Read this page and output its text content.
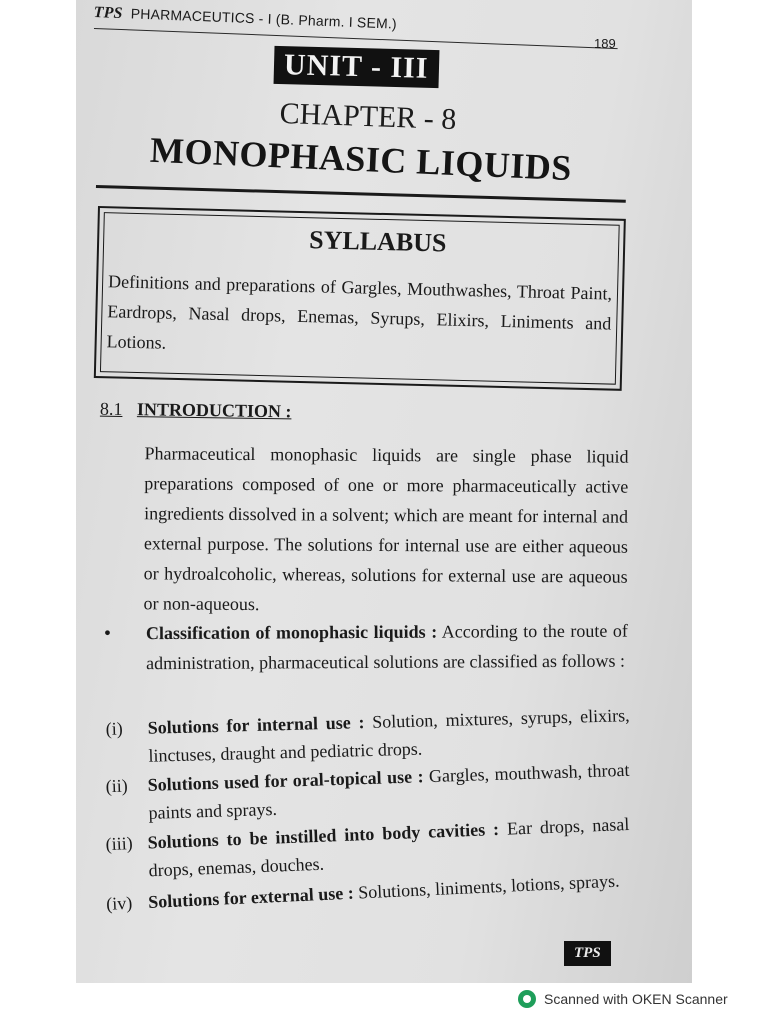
TPS PHARMACEUTICS - I (B. Pharm. I SEM.)
189
UNIT - III
CHAPTER - 8
MONOPHASIC LIQUIDS
SYLLABUS
Definitions and preparations of Gargles, Mouthwashes, Throat Paint, Eardrops, Nasal drops, Enemas, Syrups, Elixirs, Liniments and Lotions.
8.1 INTRODUCTION :
Pharmaceutical monophasic liquids are single phase liquid preparations composed of one or more pharmaceutically active ingredients dissolved in a solvent; which are meant for internal and external purpose. The solutions for internal use are either aqueous or hydroalcoholic, whereas, solutions for external use are aqueous or non-aqueous.
• Classification of monophasic liquids : According to the route of administration, pharmaceutical solutions are classified as follows :
(i) Solutions for internal use : Solution, mixtures, syrups, elixirs, linctuses, draught and pediatric drops.
(ii) Solutions used for oral-topical use : Gargles, mouthwash, throat paints and sprays.
(iii) Solutions to be instilled into body cavities : Ear drops, nasal drops, enemas, douches.
(iv) Solutions for external use : Solutions, liniments, lotions, sprays.
TPS
Scanned with OKEN Scanner
